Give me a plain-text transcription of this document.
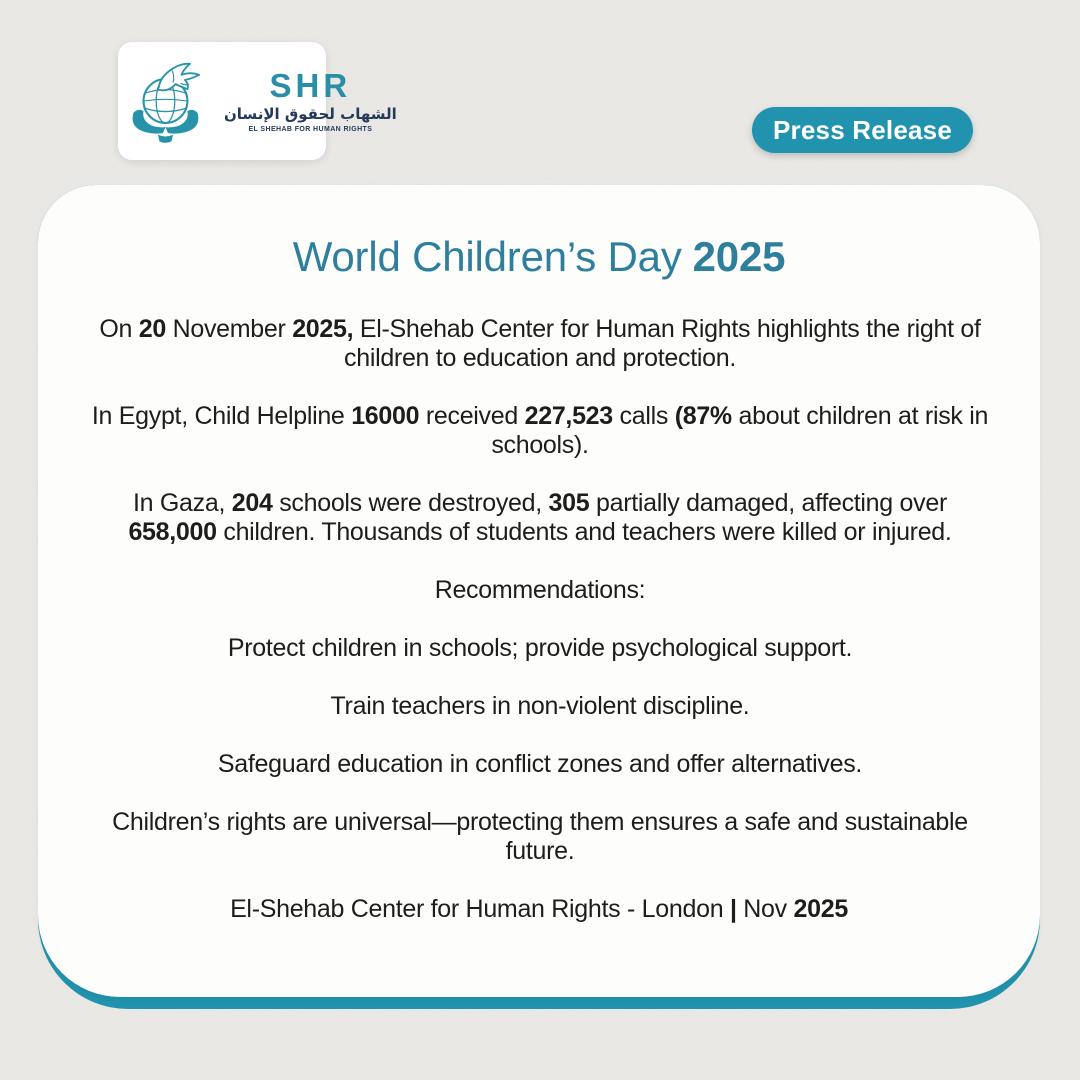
SHR
الشهاب لحقوق الإنسان
EL SHEHAB FOR HUMAN RIGHTS	Press Release
World Children’s Day 2025

On 20 November 2025, El-Shehab Center for Human Rights highlights the right of
children to education and protection.

In Egypt, Child Helpline 16000 received 227,523 calls (87% about children at risk in
schools).

In Gaza, 204 schools were destroyed, 305 partially damaged, affecting over
658,000 children. Thousands of students and teachers were killed or injured.

Recommendations:

Protect children in schools; provide psychological support.

Train teachers in non-violent discipline.

Safeguard education in conflict zones and offer alternatives.

Children’s rights are universal—protecting them ensures a safe and sustainable
future.

El-Shehab Center for Human Rights - London | Nov 2025
